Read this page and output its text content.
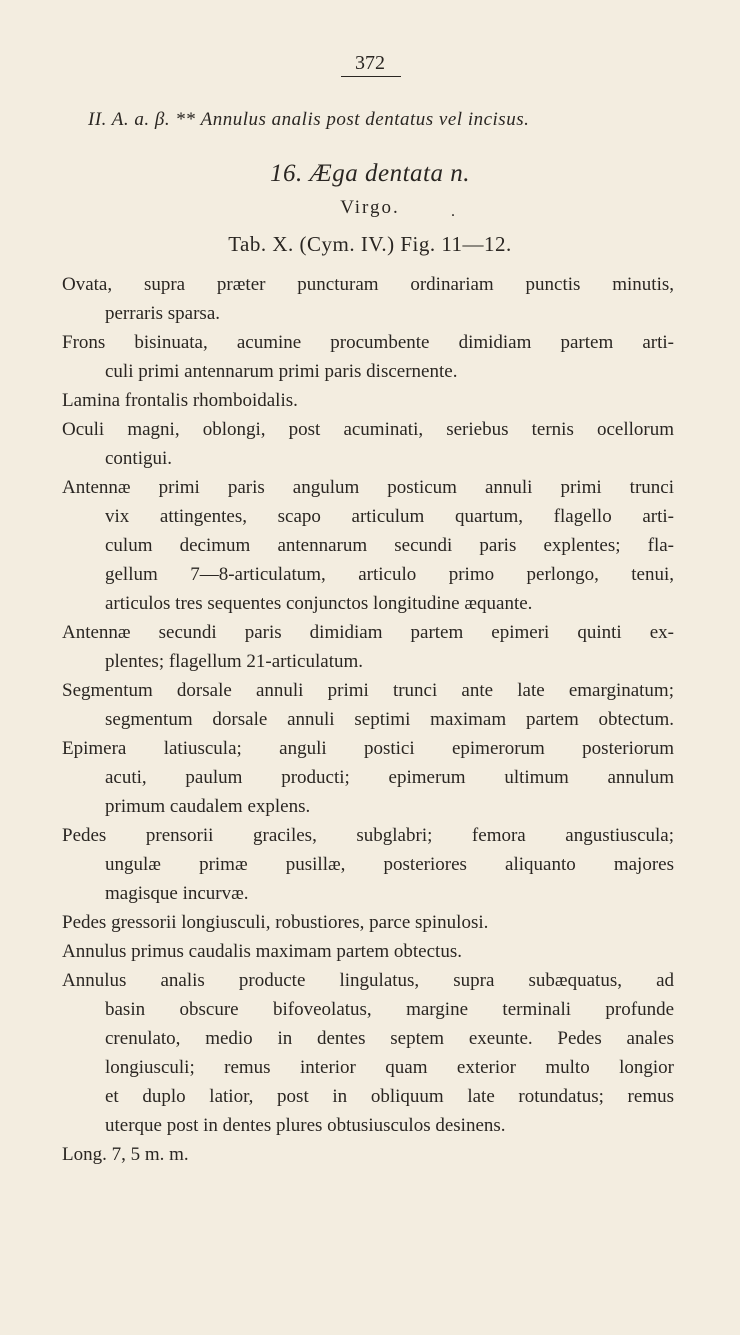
372
II. A. a. β. ** Annulus analis post dentatus vel incisus.
16. Ӕga dentata n.
Virgo.	.
Tab. X. (Cym. IV.) Fig. 11—12.
Ovata, supra præter puncturam ordinariam punctis minutis,
perraris sparsa.
Frons bisinuata, acumine procumbente dimidiam partem arti-
culi primi antennarum primi paris discernente.
Lamina frontalis rhomboidalis.
Oculi magni, oblongi, post acuminati, seriebus ternis ocellorum
contigui.
Antennæ primi paris angulum posticum annuli primi trunci
vix attingentes, scapo articulum quartum, flagello arti-
culum decimum antennarum secundi paris explentes; fla-
gellum 7—8-articulatum, articulo primo perlongo, tenui,
articulos tres sequentes conjunctos longitudine æquante.
Antennæ secundi paris dimidiam partem epimeri quinti ex-
plentes; flagellum 21-articulatum.
Segmentum dorsale annuli primi trunci ante late emarginatum;
segmentum dorsale annuli septimi maximam partem obtectum.
Epimera latiuscula; anguli postici epimerorum posteriorum
acuti, paulum producti; epimerum ultimum annulum
primum caudalem explens.
Pedes prensorii graciles, subglabri; femora angustiuscula;
ungulæ primæ pusillæ, posteriores aliquanto majores
magisque incurvæ.
Pedes gressorii longiusculi, robustiores, parce spinulosi.
Annulus primus caudalis maximam partem obtectus.
Annulus analis producte lingulatus, supra subæquatus, ad
basin obscure bifoveolatus, margine terminali profunde
crenulato, medio in dentes septem exeunte. Pedes anales
longiusculi; remus interior quam exterior multo longior
et duplo latior, post in obliquum late rotundatus; remus
uterque post in dentes plures obtusiusculos desinens.
Long. 7, 5 m. m.
